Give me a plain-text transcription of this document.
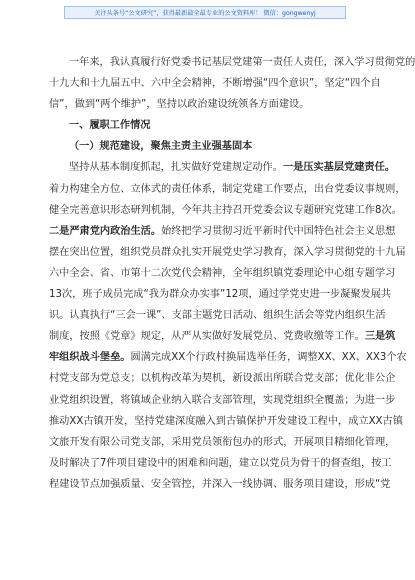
关注头条号“公文研究”，获得最新最全最专业的公文资料库！ 微信：gongwenyj
一年来，我认真履行好党委书记基层党建第一责任人责任，深入学习贯彻党的
十九大和十九届五中、六中全会精神，不断增强“四个意识”，坚定“四个自
信”，做到“两个维护”，坚持以政治建设统领各方面建设。
一、履职工作情况
（一）规范建设，聚焦主责主业强基固本
坚持从基本制度抓起，扎实做好党建规定动作。一是压实基层党建责任。
着力构建全方位、立体式的责任体系，制定党建工作要点，出台党委议事规则，
健全完善意识形态研判机制，今年共主持召开党委会议专题研究党建工作8次。
二是严肃党内政治生活。始终把学习贯彻习近平新时代中国特色社会主义思想
摆在突出位置，组织党员群众扎实开展党史学习教育，深入学习贯彻党的十九届
六中全会、省、市第十二次党代会精神，全年组织镇党委理论中心组专题学习
13次，班子成员完成“我为群众办实事”12项，通过学党史进一步凝聚发展共
识。认真执行“三会一课”、支部主题党日活动、组织生活会等党内组织生活
制度，按照《党章》规定，从严从实做好发展党员、党费收缴等工作。三是筑
牢组织战斗堡垒。圆满完成XX个行政村换届选举任务，调整XX、XX、XX3个农
村党支部为党总支；以机构改革为契机，新设派出所联合党支部；优化非公企
业党组织设置，将镇域企业纳入联合支部管理，实现党组织全覆盖；为进一步
推动XX古镇开发，坚持党建深度融入到古镇保护开发建设工程中，成立XX古镇
文旅开发有限公司党支部，采用党员领衔包办的形式，开展项目精细化管理，
及时解决了7件项目建设中的困难和问题，建立以党员为骨干的督查组，按工
程建设节点加强质量、安全管控，并深入一线协调、服务项目建设，形成“党
